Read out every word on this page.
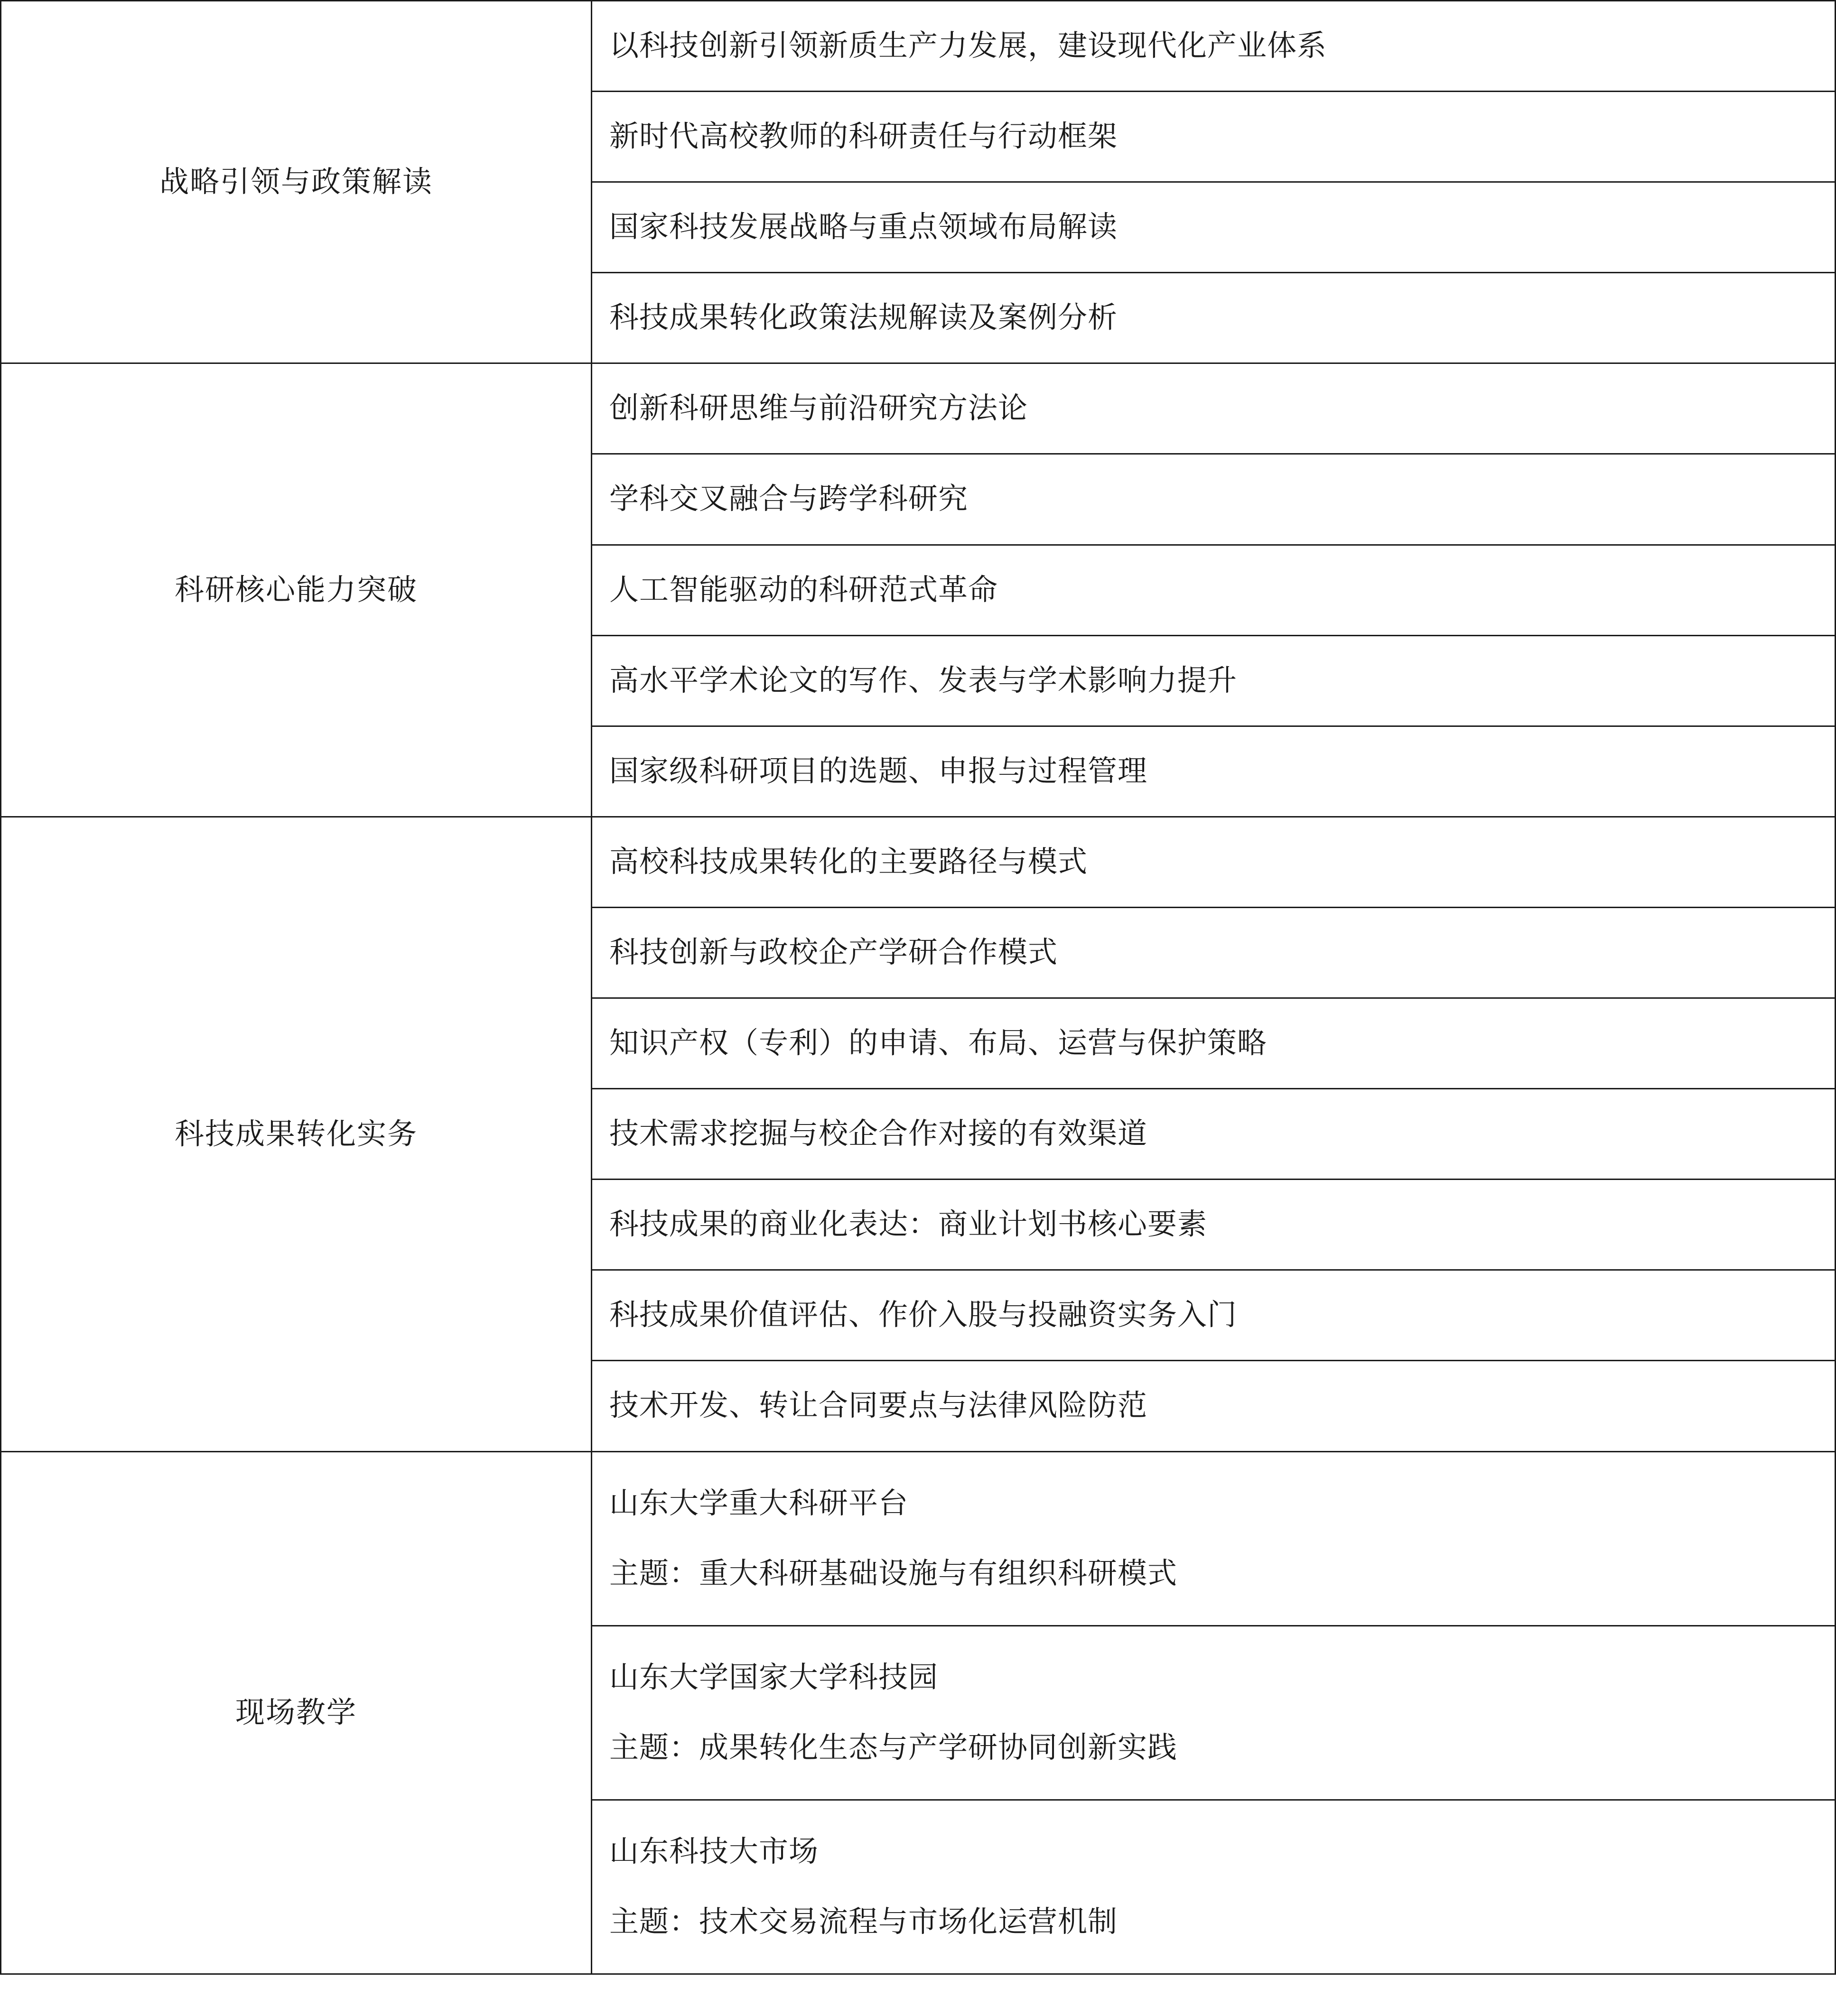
战略引领与政策解读	以科技创新引领新质生产力发展，建设现代化产业体系

	新时代高校教师的科研责任与行动框架

	国家科技发展战略与重点领域布局解读

	科技成果转化政策法规解读及案例分析

科研核心能力突破	创新科研思维与前沿研究方法论

	学科交叉融合与跨学科研究

	人工智能驱动的科研范式革命

	高水平学术论文的写作、发表与学术影响力提升

	国家级科研项目的选题、申报与过程管理

科技成果转化实务	高校科技成果转化的主要路径与模式

	科技创新与政校企产学研合作模式

	知识产权（专利）的申请、布局、运营与保护策略

	技术需求挖掘与校企合作对接的有效渠道

	科技成果的商业化表达：商业计划书核心要素

	科技成果价值评估、作价入股与投融资实务入门

	技术开发、转让合同要点与法律风险防范

现场教学	山东大学重大科研平台
主题：重大科研基础设施与有组织科研模式

	山东大学国家大学科技园
主题：成果转化生态与产学研协同创新实践

	山东科技大市场
主题：技术交易流程与市场化运营机制
